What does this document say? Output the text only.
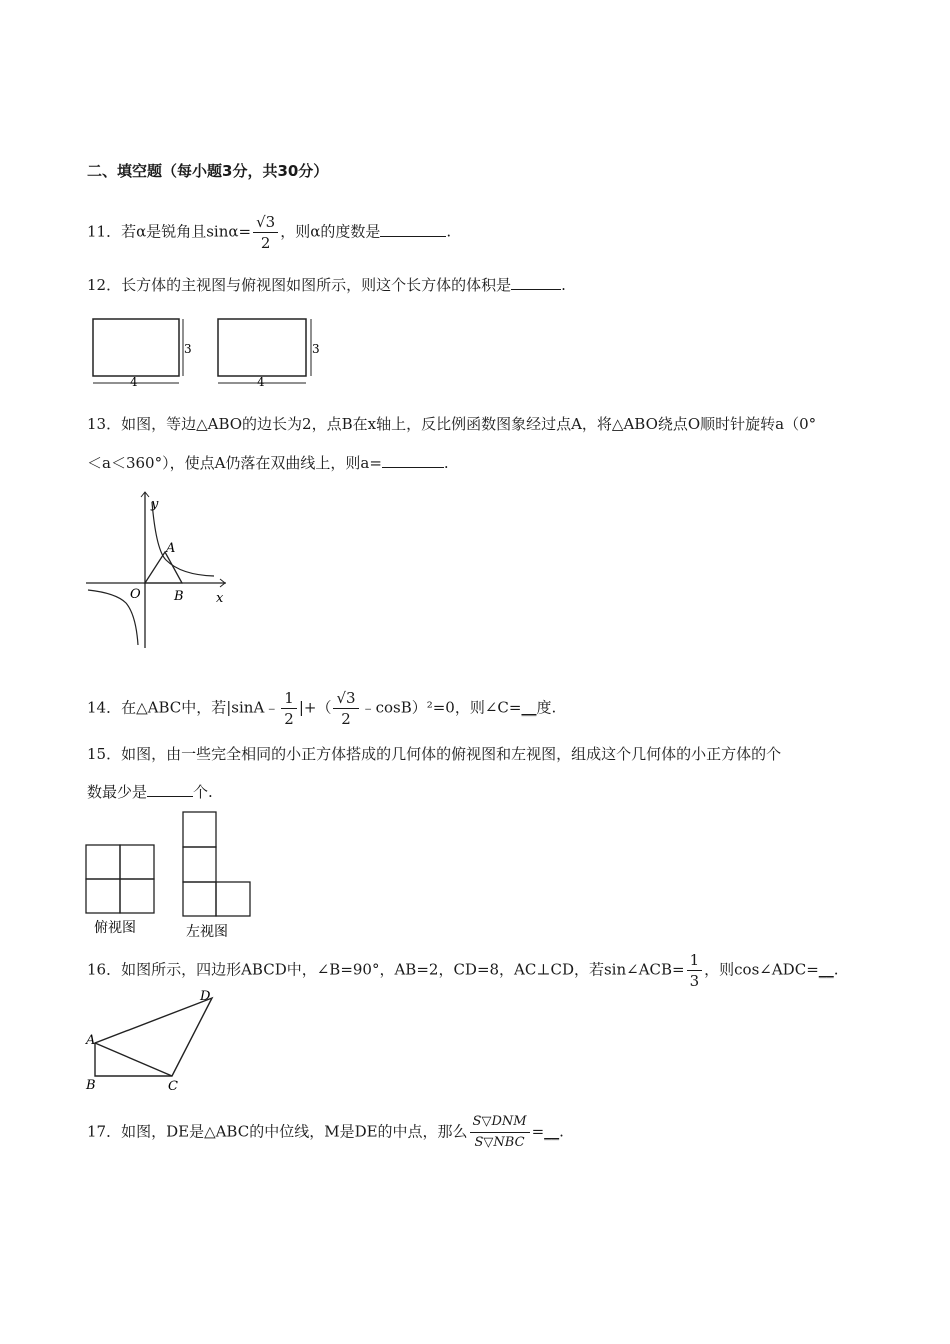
二、填空题（每小题3分，共30分）
11．若α是锐角且$\sin\alpha= \frac{√3}{2}$ ，则α的度数是	.
12．长方体的主视图与俯视图如图所示，则这个长方体的体积是	.
3
4
3
4
13．如图，等边△ABO的边长为2，点B在x轴上，反比例函数图象经过点A，将△ABO绕点O顺时针旋转a（0°
＜a＜360°），使点A仍落在双曲线上，则a=	.
y
x
O
A
B
14．在△ABC中，若|sinA﹣ $\frac{1}{2}$ |+（ $\frac{√3}{2}$ ﹣cosB）²=0，则∠C=__度.
15．如图，由一些完全相同的小正方体搭成的几何体的俯视图和左视图，组成这个几何体的小正方体的个
数最少是	个.
俯视图	左视图
16．如图所示，四边形ABCD中，∠B=90°，AB=2，CD=8，AC⊥CD，若sin∠ACB= $\frac{1}{3}$ ，则cos∠ADC=__.
A
B	C
D
17．如图，DE是△ABC的中位线，M是DE的中点，那么 $\frac{\text{S▽DNM}}{\text{S▽NBC}}$ =__.
